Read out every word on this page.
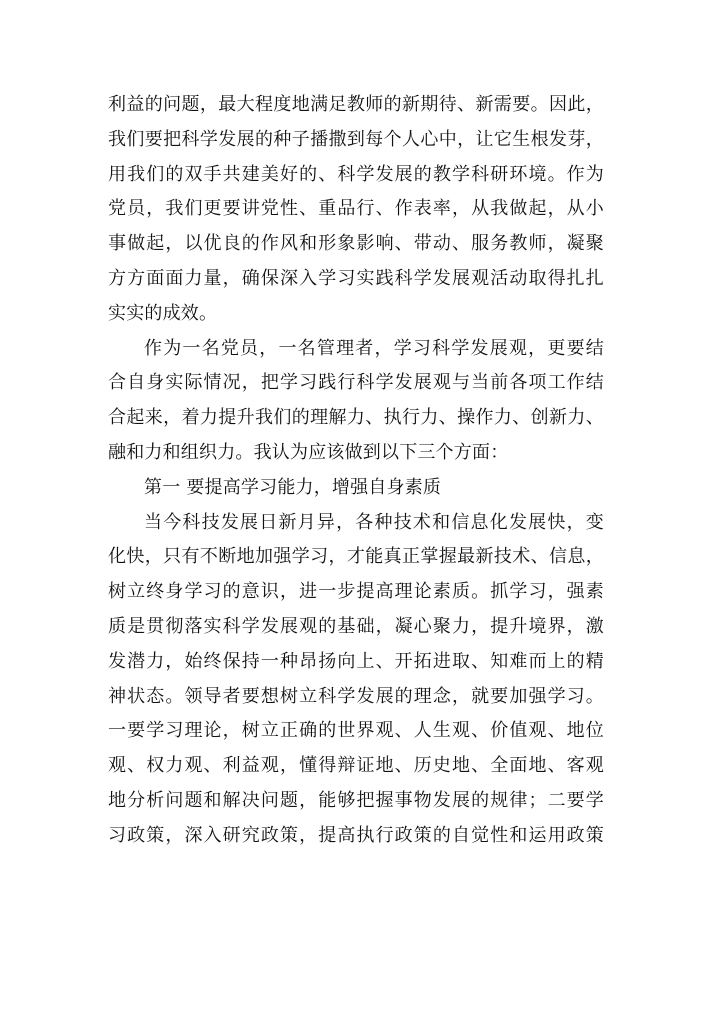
利益的问题，最大程度地满足教师的新期待、新需要。因此，
我们要把科学发展的种子播撒到每个人心中，让它生根发芽，
用我们的双手共建美好的、科学发展的教学科研环境。作为
党员，我们更要讲党性、重品行、作表率，从我做起，从小
事做起，以优良的作风和形象影响、带动、服务教师，凝聚
方方面面力量，确保深入学习实践科学发展观活动取得扎扎
实实的成效。
作为一名党员，一名管理者，学习科学发展观，更要结
合自身实际情况，把学习践行科学发展观与当前各项工作结
合起来，着力提升我们的理解力、执行力、操作力、创新力、
融和力和组织力。我认为应该做到以下三个方面：
第一 要提高学习能力，增强自身素质
当今科技发展日新月异，各种技术和信息化发展快，变
化快，只有不断地加强学习，才能真正掌握最新技术、信息，
树立终身学习的意识，进一步提高理论素质。抓学习，强素
质是贯彻落实科学发展观的基础，凝心聚力，提升境界，激
发潜力，始终保持一种昂扬向上、开拓进取、知难而上的精
神状态。领导者要想树立科学发展的理念，就要加强学习。
一要学习理论，树立正确的世界观、人生观、价值观、地位
观、权力观、利益观，懂得辩证地、历史地、全面地、客观
地分析问题和解决问题，能够把握事物发展的规律；二要学
习政策，深入研究政策，提高执行政策的自觉性和运用政策
